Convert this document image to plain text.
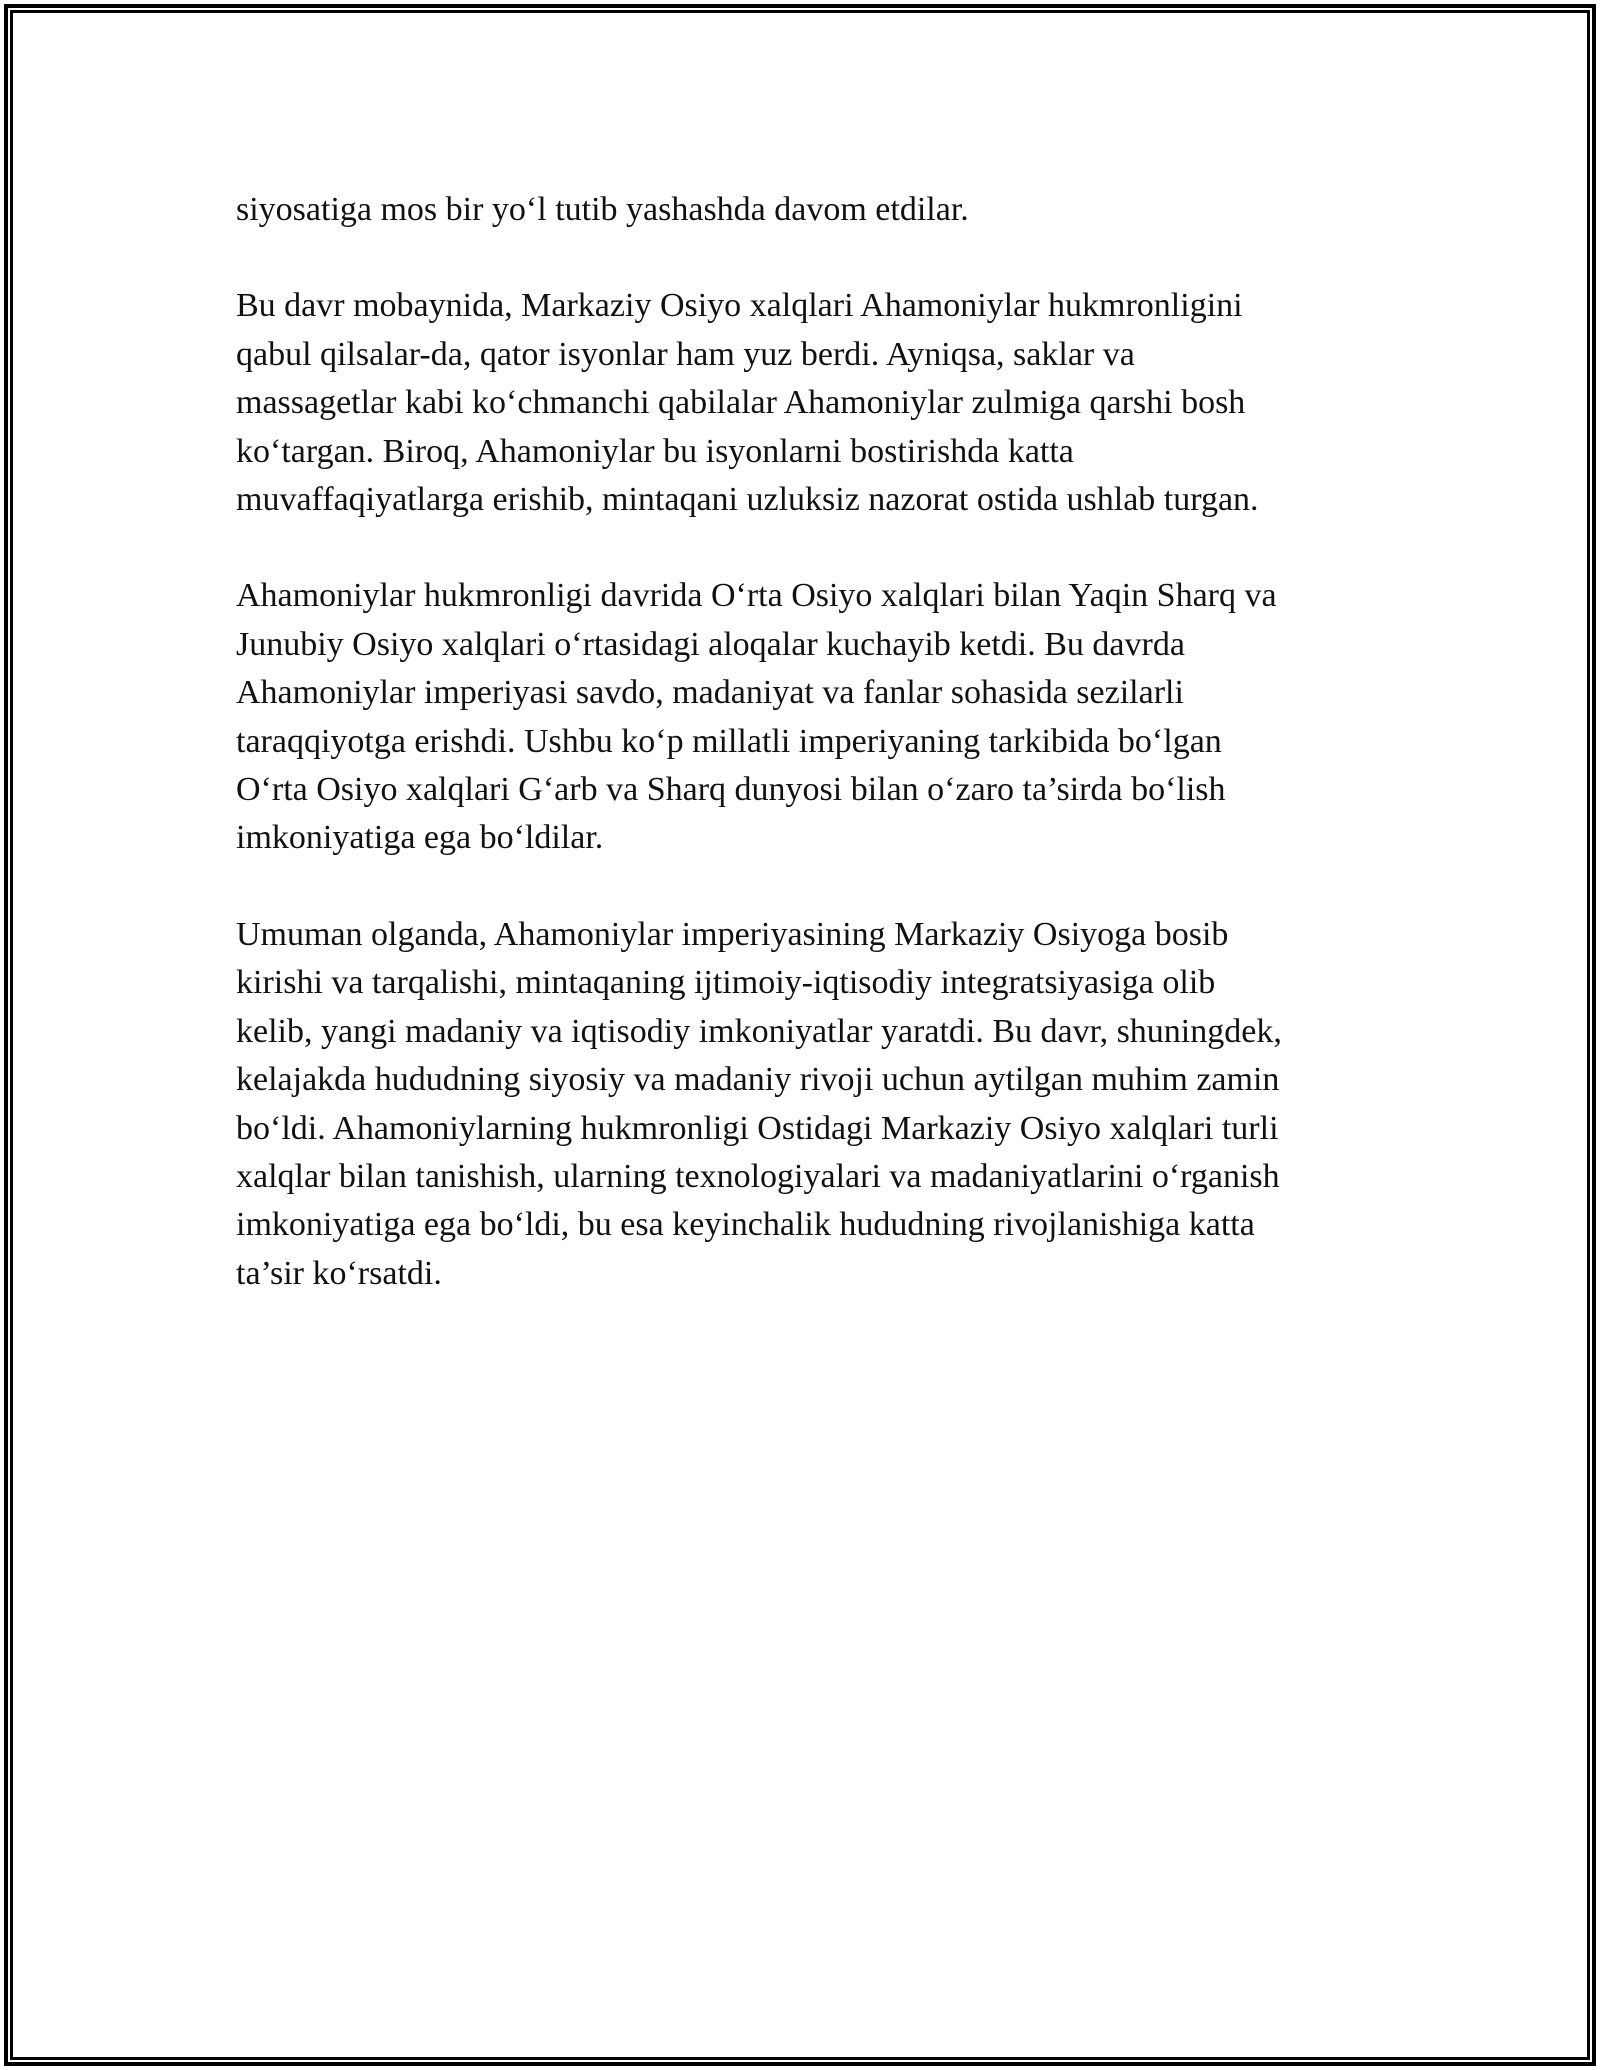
siyosatiga mos bir yo‘l tutib yashashda davom etdilar.

Bu davr mobaynida, Markaziy Osiyo xalqlari Ahamoniylar hukmronligini
qabul qilsalar-da, qator isyonlar ham yuz berdi. Ayniqsa, saklar va
massagetlar kabi ko‘chmanchi qabilalar Ahamoniylar zulmiga qarshi bosh
ko‘targan. Biroq, Ahamoniylar bu isyonlarni bostirishda katta
muvaffaqiyatlarga erishib, mintaqani uzluksiz nazorat ostida ushlab turgan.

Ahamoniylar hukmronligi davrida O‘rta Osiyo xalqlari bilan Yaqin Sharq va
Junubiy Osiyo xalqlari o‘rtasidagi aloqalar kuchayib ketdi. Bu davrda
Ahamoniylar imperiyasi savdo, madaniyat va fanlar sohasida sezilarli
taraqqiyotga erishdi. Ushbu ko‘p millatli imperiyaning tarkibida bo‘lgan
O‘rta Osiyo xalqlari G‘arb va Sharq dunyosi bilan o‘zaro ta’sirda bo‘lish
imkoniyatiga ega bo‘ldilar.

Umuman olganda, Ahamoniylar imperiyasining Markaziy Osiyoga bosib
kirishi va tarqalishi, mintaqaning ijtimoiy-iqtisodiy integratsiyasiga olib
kelib, yangi madaniy va iqtisodiy imkoniyatlar yaratdi. Bu davr, shuningdek,
kelajakda hududning siyosiy va madaniy rivoji uchun aytilgan muhim zamin
bo‘ldi. Ahamoniylarning hukmronligi Ostidagi Markaziy Osiyo xalqlari turli
xalqlar bilan tanishish, ularning texnologiyalari va madaniyatlarini o‘rganish
imkoniyatiga ega bo‘ldi, bu esa keyinchalik hududning rivojlanishiga katta
ta’sir ko‘rsatdi.
